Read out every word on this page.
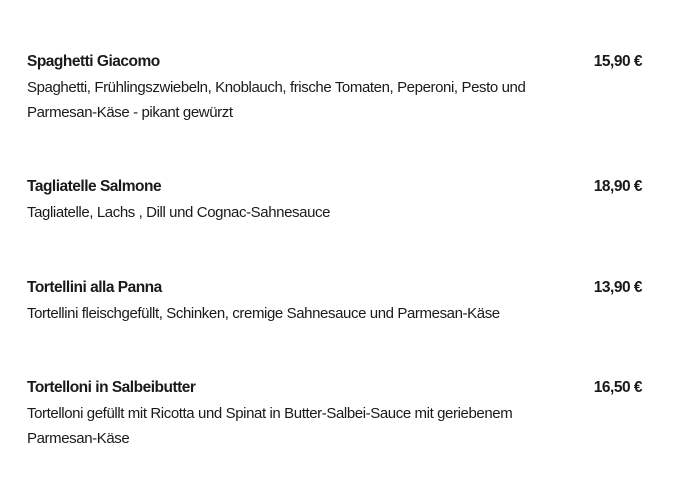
Spaghetti Giacomo	15,90 €
Spaghetti, Frühlingszwiebeln, Knoblauch, frische Tomaten, Peperoni, Pesto und Parmesan-Käse - pikant gewürzt
Tagliatelle Salmone	18,90 €
Tagliatelle, Lachs , Dill und Cognac-Sahnesauce
Tortellini alla Panna	13,90 €
Tortellini fleischgefüllt, Schinken, cremige Sahnesauce und Parmesan-Käse
Tortelloni in Salbeibutter	16,50 €
Tortelloni gefüllt mit Ricotta und Spinat in Butter-Salbei-Sauce mit geriebenem Parmesan-Käse
